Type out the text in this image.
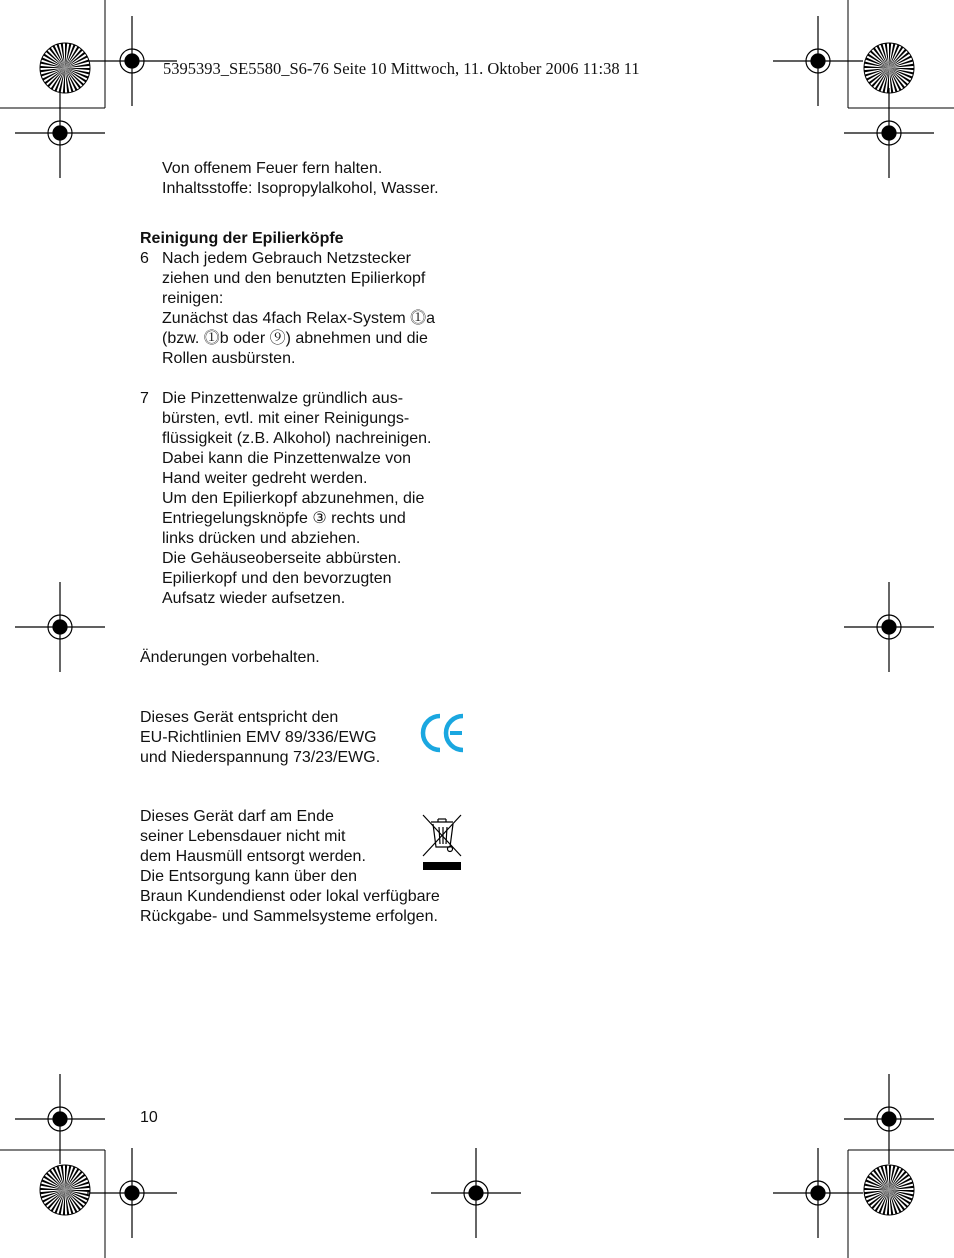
5395393_SE5580_S6-76 Seite 10 Mittwoch, 11. Oktober 2006 11:38 11
Von offenem Feuer fern halten.
Inhaltsstoffe: Isopropylalkohol, Wasser.
Reinigung der Epilierköpfe
6 Nach jedem Gebrauch Netzstecker
ziehen und den benutzten Epilierkopf
reinigen:
Zunächst das 4fach Relax-System ⓵a
(bzw. ⓵b oder ⑨) abnehmen und die
Rollen ausbürsten.
7 Die Pinzettenwalze gründlich aus-
bürsten, evtl. mit einer Reinigungs-
flüssigkeit (z.B. Alkohol) nachreinigen.
Dabei kann die Pinzettenwalze von
Hand weiter gedreht werden.
Um den Epilierkopf abzunehmen, die
Entriegelungsknöpfe ③ rechts und
links drücken und abziehen.
Die Gehäuseoberseite abbürsten.
Epilierkopf und den bevorzugten
Aufsatz wieder aufsetzen.
Änderungen vorbehalten.
Dieses Gerät entspricht den
EU-Richtlinien EMV 89/336/EWG
und Niederspannung 73/23/EWG.
Dieses Gerät darf am Ende
seiner Lebensdauer nicht mit
dem Hausmüll entsorgt werden.
Die Entsorgung kann über den
Braun Kundendienst oder lokal verfügbare
Rückgabe- und Sammelsysteme erfolgen.
10
